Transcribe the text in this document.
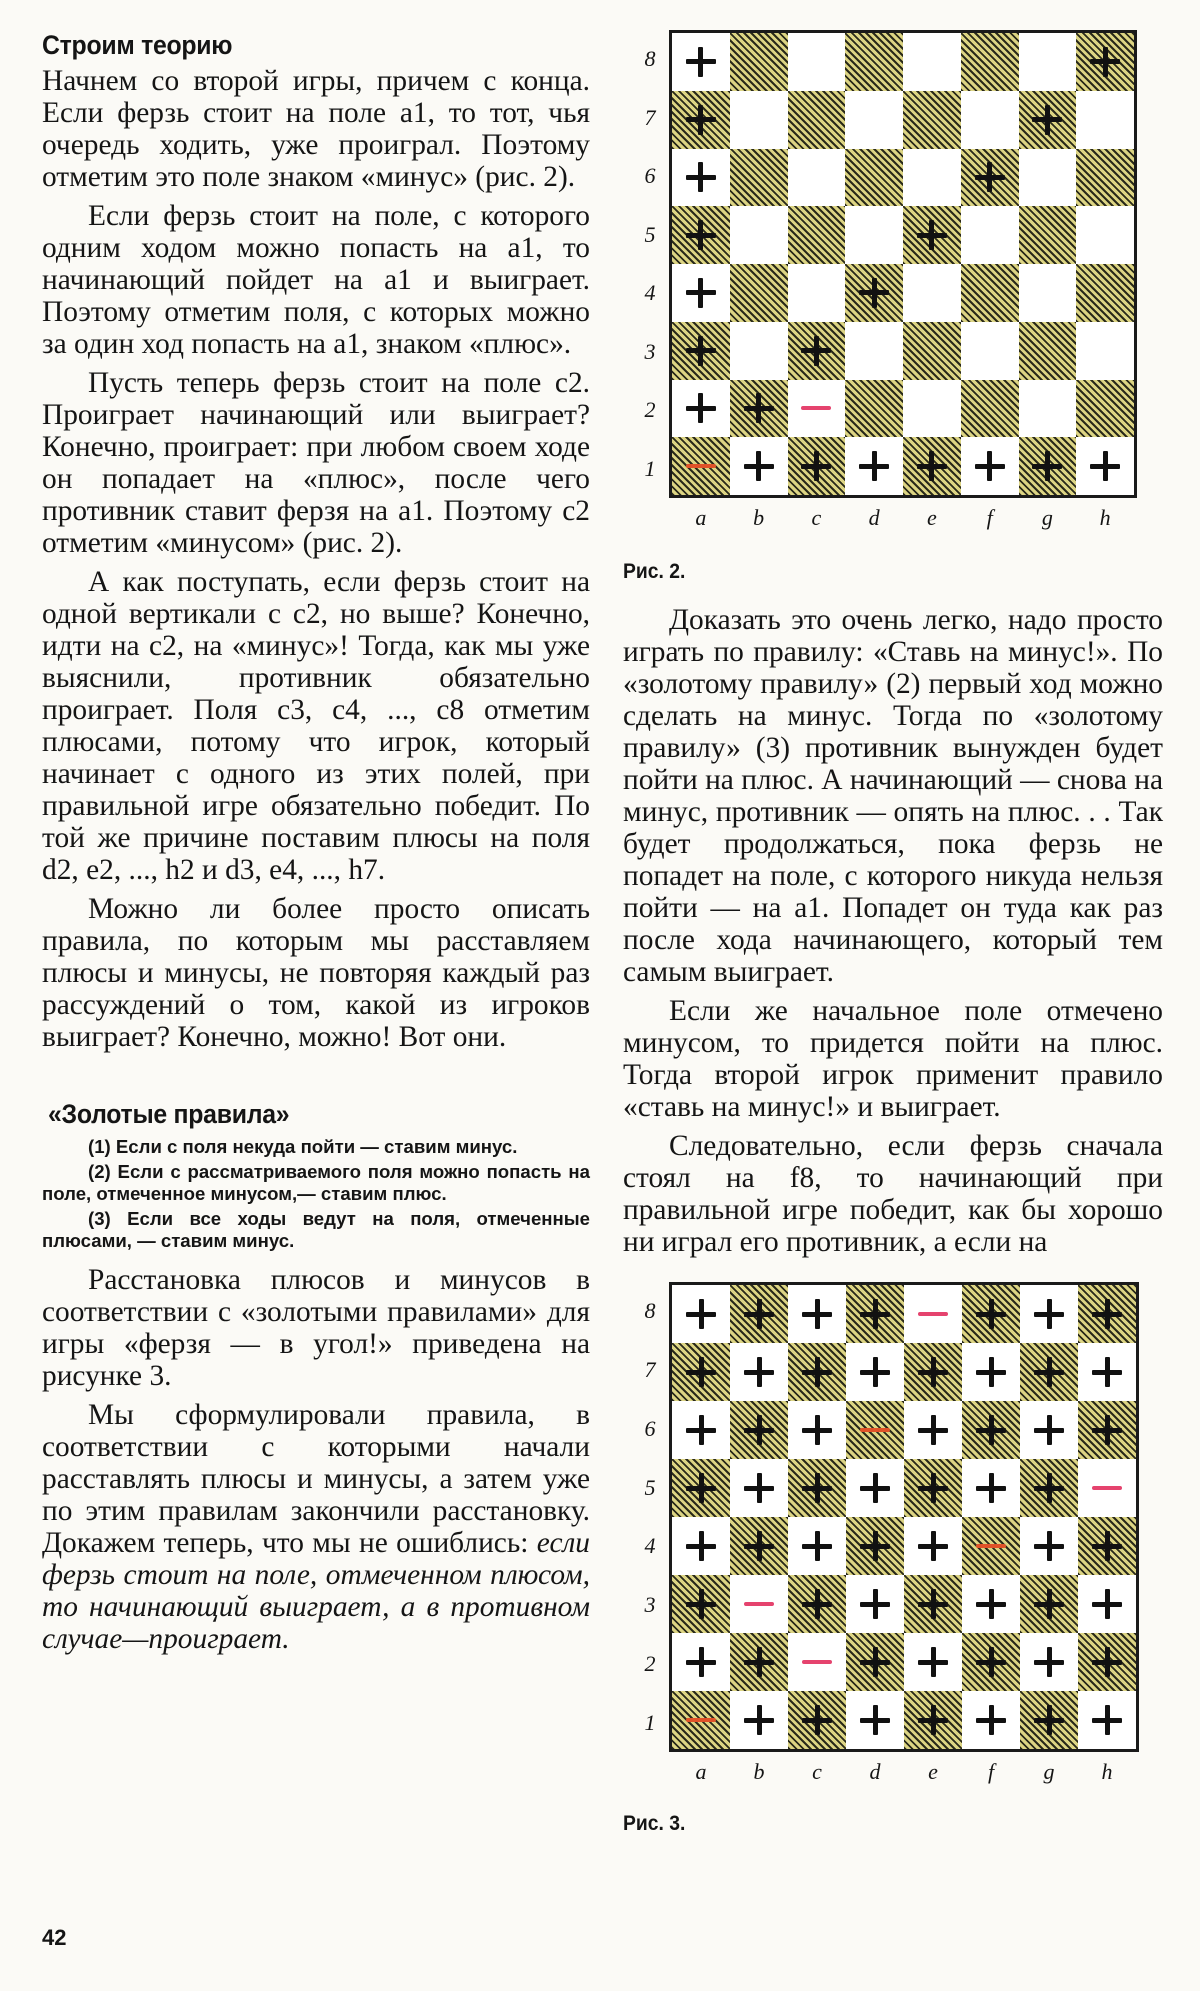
Строим теорию

Начнем со второй игры, причем с конца. Если ферзь стоит на поле a1, то тот, чья очередь ходить, уже проиграл. Поэтому отметим это поле знаком «минус» (рис. 2).

Если ферзь стоит на поле, с которого одним ходом можно попасть на a1, то начинающий пойдет на a1 и выиграет. Поэтому отметим поля, с которых можно за один ход попасть на a1, знаком «плюс».

Пусть теперь ферзь стоит на поле c2. Проиграет начинающий или выиграет? Конечно, проиграет: при любом своем ходе он попадает на «плюс», после чего противник ставит ферзя на a1. Поэтому c2 отметим «минусом» (рис. 2).

А как поступать, если ферзь стоит на одной вертикали с c2, но выше? Конечно, идти на c2, на «минус»! Тогда, как мы уже выяснили, противник обязательно проиграет. Поля c3, c4, ..., c8 отметим плюсами, потому что игрок, который начинает с одного из этих полей, при правильной игре обязательно победит. По той же причине поставим плюсы на поля d2, e2, ..., h2 и d3, e4, ..., h7.

Можно ли более просто описать правила, по которым мы расставляем плюсы и минусы, не повторяя каждый раз рассуждений о том, какой из игроков выиграет? Конечно, можно! Вот они.

«Золотые правила»
(1) Если с поля некуда пойти — ставим минус.
(2) Если с рассматриваемого поля можно попасть на поле, отмеченное минусом,— ставим плюс.
(3) Если все ходы ведут на поля, отмеченные плюсами, — ставим минус.

Расстановка плюсов и минусов в соответствии с «золотыми правилами» для игры «ферзя — в угол!» приведена на рисунке 3.

Мы сформулировали правила, в соответствии с которыми начали расставлять плюсы и минусы, а затем уже по этим правилам закончили расстановку. Докажем теперь, что мы не ошиблись: если ферзь стоит на поле, отмеченном плюсом, то начинающий выиграет, а в противном случае—проиграет.

8
7
6
5
4
3
2
1
a	b	c	d	e	f	g	h

Рис. 2.

Доказать это очень легко, надо просто играть по правилу: «Ставь на минус!». По «золотому правилу» (2) первый ход можно сделать на минус. Тогда по «золотому правилу» (3) противник вынужден будет пойти на плюс. А начинающий — снова на минус, противник — опять на плюс. . . Так будет продолжаться, пока ферзь не попадет на поле, с которого никуда нельзя пойти — на a1. Попадет он туда как раз после хода начинающего, который тем самым выиграет.

Если же начальное поле отмечено минусом, то придется пойти на плюс. Тогда второй игрок применит правило «ставь на минус!» и выиграет.

Следовательно, если ферзь сначала стоял на f8, то начинающий при правильной игре победит, как бы хорошо ни играл его противник, а если на

8
7
6
5
4
3
2
1
a	b	c	d	e	f	g	h

Рис. 3.

42
